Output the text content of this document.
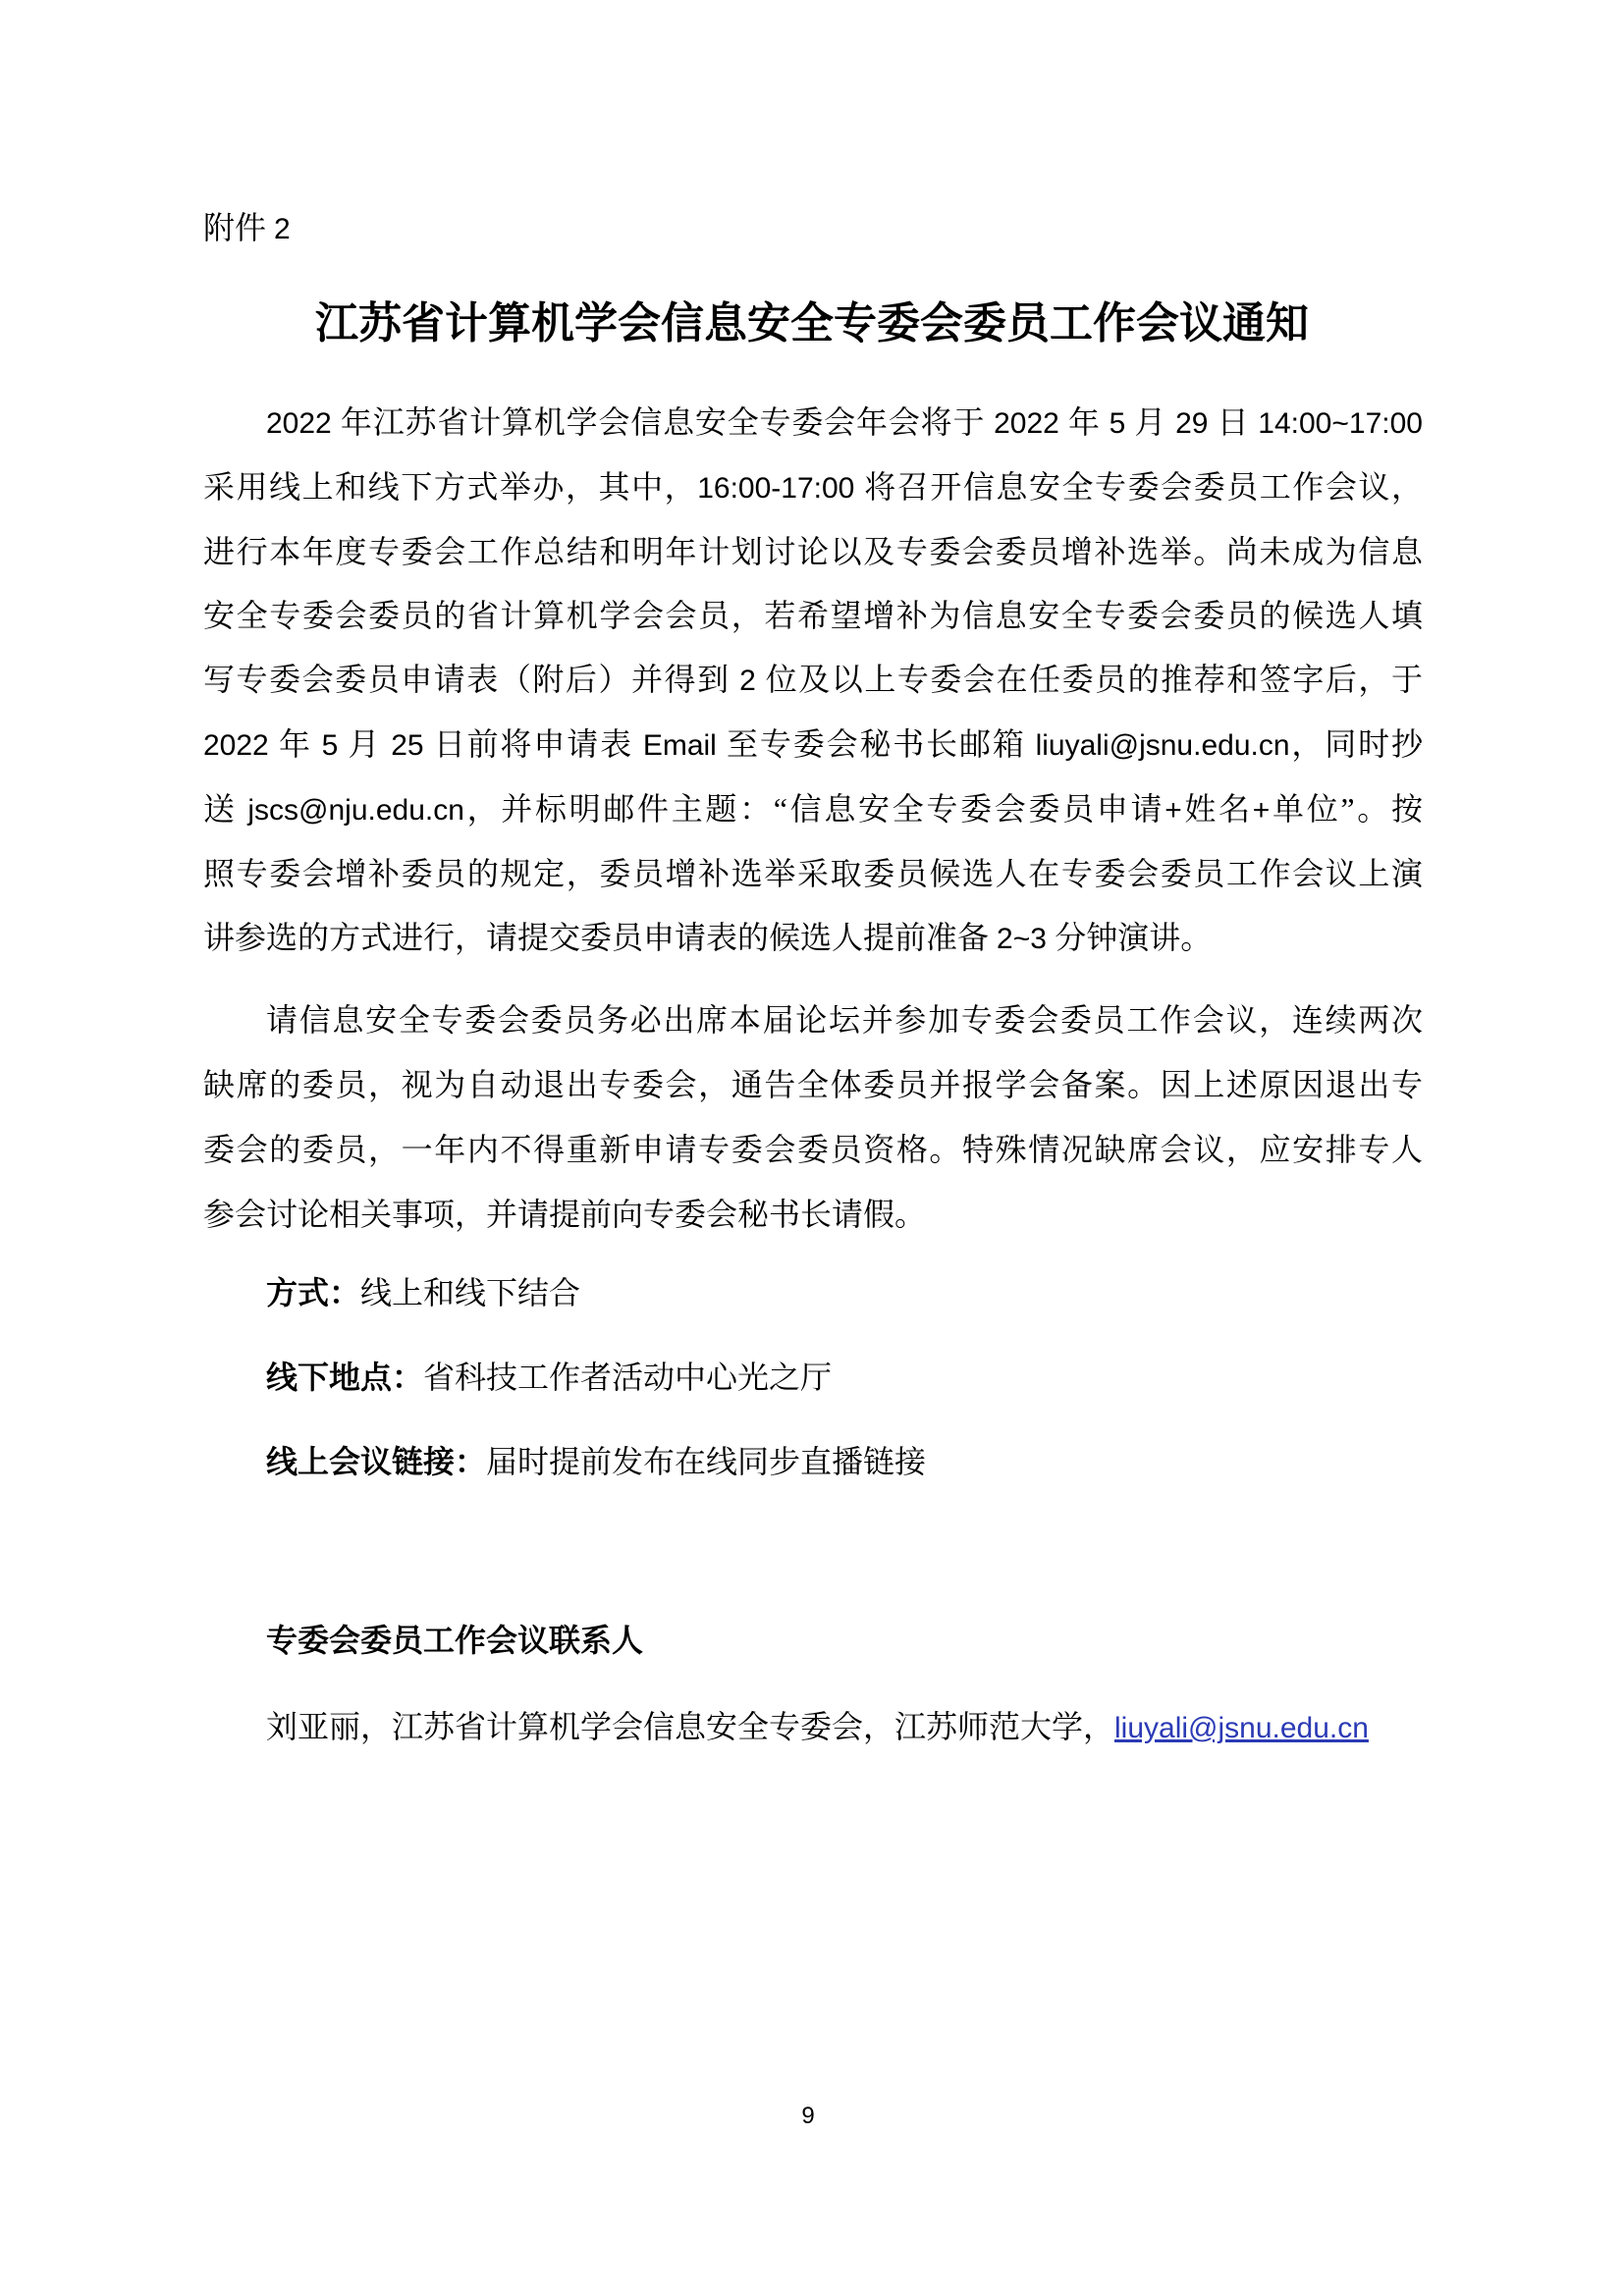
附件 2
江苏省计算机学会信息安全专委会委员工作会议通知
2022 年江苏省计算机学会信息安全专委会年会将于 2022 年 5 月 29 日 14:00~17:00
采用线上和线下方式举办，其中，16:00-17:00 将召开信息安全专委会委员工作会议，
进行本年度专委会工作总结和明年计划讨论以及专委会委员增补选举。尚未成为信息
安全专委会委员的省计算机学会会员，若希望增补为信息安全专委会委员的候选人填
写专委会委员申请表（附后）并得到 2 位及以上专委会在任委员的推荐和签字后，于
2022 年 5 月 25 日前将申请表 Email 至专委会秘书长邮箱 liuyali@jsnu.edu.cn，同时抄
送 jscs@nju.edu.cn，并标明邮件主题：“信息安全专委会委员申请+姓名+单位”。按
照专委会增补委员的规定，委员增补选举采取委员候选人在专委会委员工作会议上演
讲参选的方式进行，请提交委员申请表的候选人提前准备 2~3 分钟演讲。
请信息安全专委会委员务必出席本届论坛并参加专委会委员工作会议，连续两次
缺席的委员，视为自动退出专委会，通告全体委员并报学会备案。因上述原因退出专
委会的委员，一年内不得重新申请专委会委员资格。特殊情况缺席会议，应安排专人
参会讨论相关事项，并请提前向专委会秘书长请假。
方式：线上和线下结合
线下地点：省科技工作者活动中心光之厅
线上会议链接：届时提前发布在线同步直播链接
专委会委员工作会议联系人
刘亚丽，江苏省计算机学会信息安全专委会，江苏师范大学，liuyali@jsnu.edu.cn
9
